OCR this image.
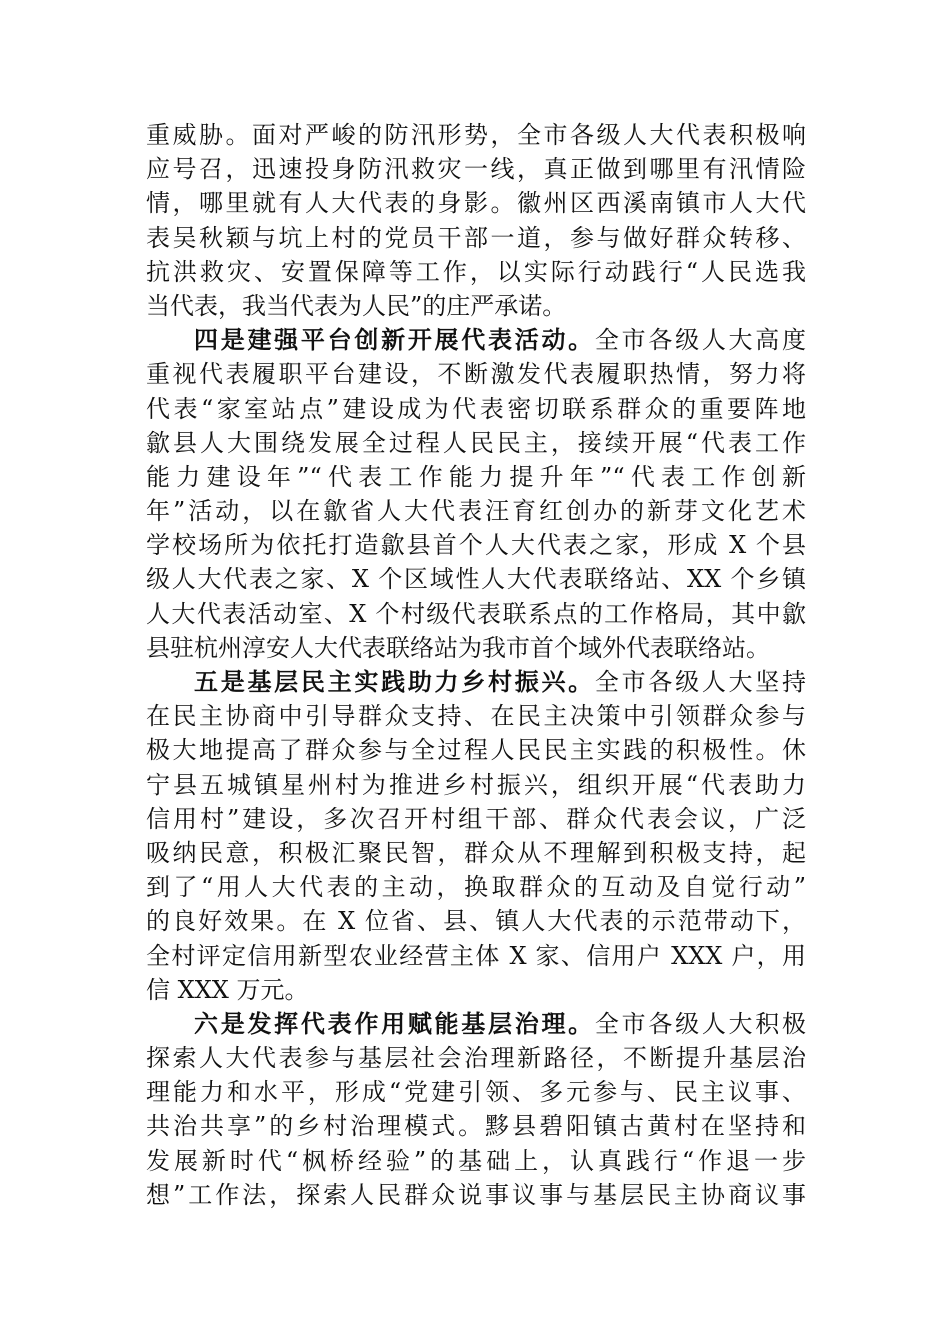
重威胁。面对严峻的防汛形势，全市各级人大代表积极响
应号召，迅速投身防汛救灾一线，真正做到哪里有汛情险
情，哪里就有人大代表的身影。徽州区西溪南镇市人大代
表吴秋颖与坑上村的党员干部一道，参与做好群众转移、
抗洪救灾、安置保障等工作，以实际行动践行“人民选我
当代表，我当代表为人民”的庄严承诺。
四是建强平台创新开展代表活动。全市各级人大高度
重视代表履职平台建设，不断激发代表履职热情，努力将
代表“家室站点”建设成为代表密切联系群众的重要阵地
歙县人大围绕发展全过程人民民主，接续开展“代表工作
能力建设年”“代表工作能力提升年”“代表工作创新
年”活动，以在歙省人大代表汪育红创办的新芽文化艺术
学校场所为依托打造歙县首个人大代表之家，形成 X 个县
级人大代表之家、X 个区域性人大代表联络站、XX 个乡镇
人大代表活动室、X 个村级代表联系点的工作格局，其中歙
县驻杭州淳安人大代表联络站为我市首个域外代表联络站。
五是基层民主实践助力乡村振兴。全市各级人大坚持
在民主协商中引导群众支持、在民主决策中引领群众参与
极大地提高了群众参与全过程人民民主实践的积极性。休
宁县五城镇星州村为推进乡村振兴，组织开展“代表助力
信用村”建设，多次召开村组干部、群众代表会议，广泛
吸纳民意，积极汇聚民智，群众从不理解到积极支持，起
到了“用人大代表的主动，换取群众的互动及自觉行动”
的良好效果。在 X 位省、县、镇人大代表的示范带动下，
全村评定信用新型农业经营主体 X 家、信用户 XXX 户，用
信 XXX 万元。
六是发挥代表作用赋能基层治理。全市各级人大积极
探索人大代表参与基层社会治理新路径，不断提升基层治
理能力和水平，形成“党建引领、多元参与、民主议事、
共治共享”的乡村治理模式。黟县碧阳镇古黄村在坚持和
发展新时代“枫桥经验”的基础上，认真践行“作退一步
想”工作法，探索人民群众说事议事与基层民主协商议事
